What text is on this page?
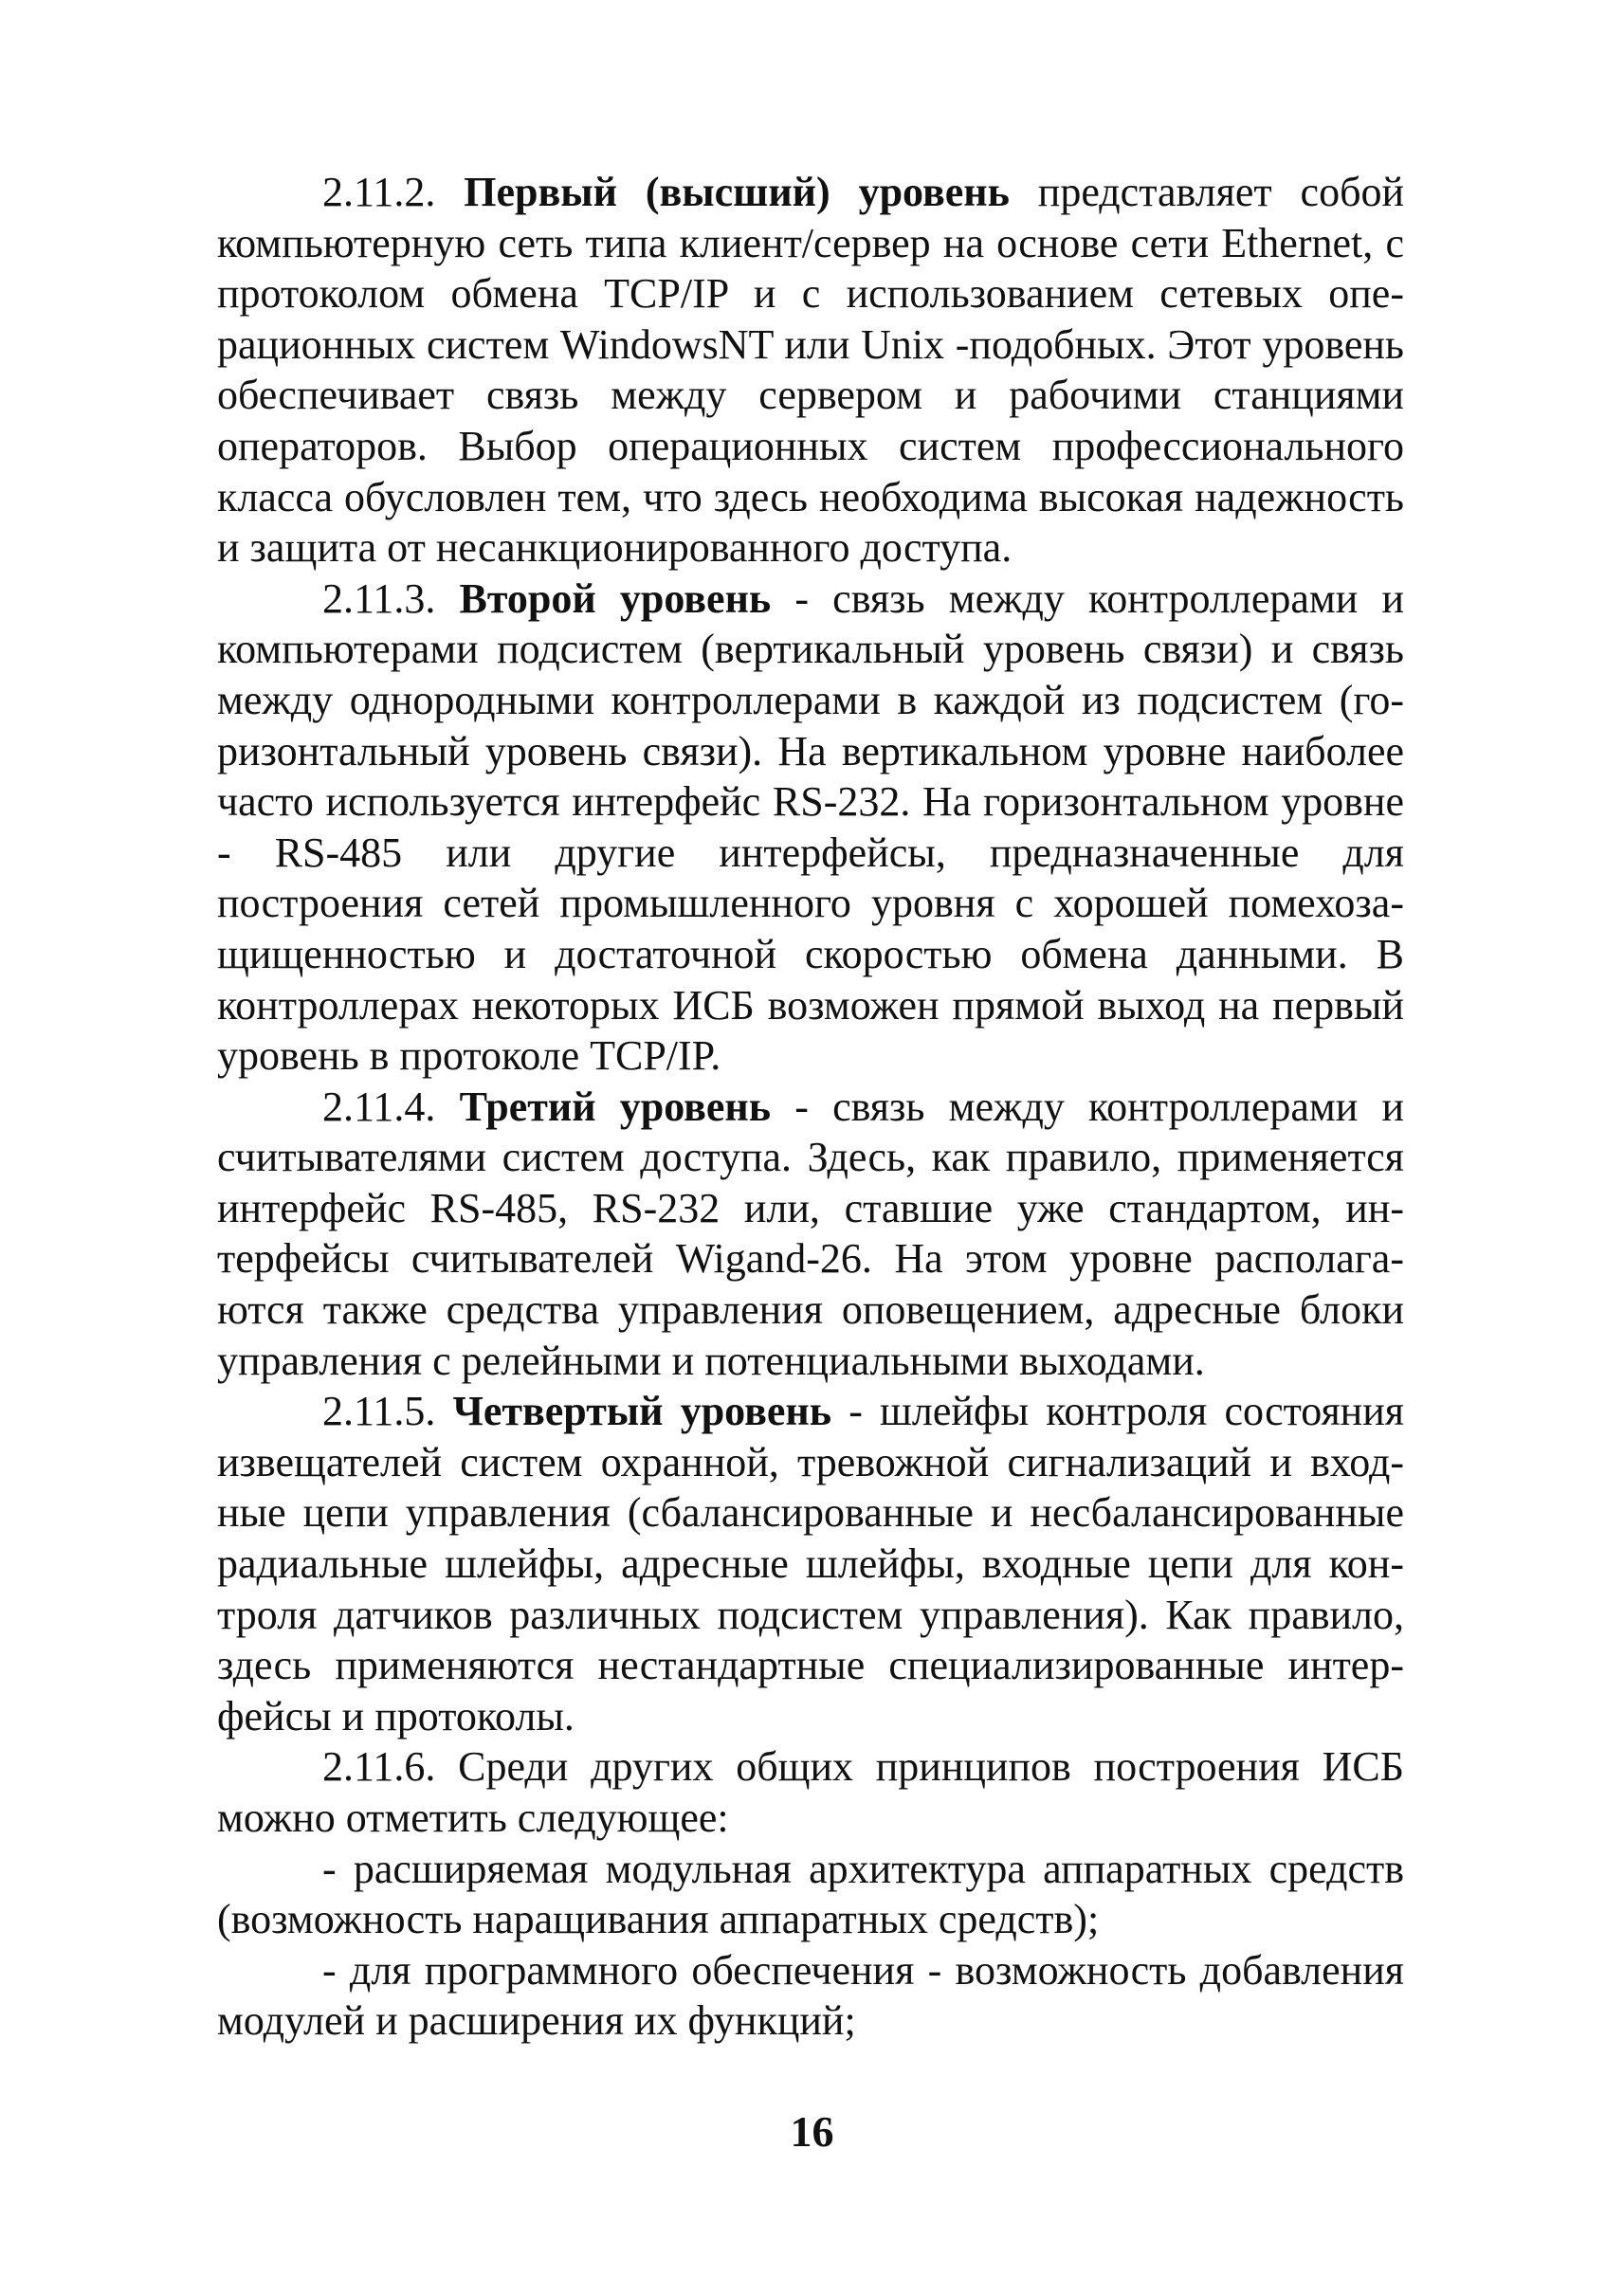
2.11.2. Первый (высший) уровень представляет собой компьютерную сеть типа клиент/сервер на основе сети Ethernet, с протоколом обмена TCP/IP и с использованием сетевых операционных систем WindowsNT или Unix -подобных. Этот уровень обеспечивает связь между сервером и рабочими станциями операторов. Выбор операционных систем профессионального класса обусловлен тем, что здесь необходима высокая надежность и защита от несанкционированного доступа.

2.11.3. Второй уровень - связь между контроллерами и компьютерами подсистем (вертикальный уровень связи) и связь между однородными контроллерами в каждой из подсистем (горизонтальный уровень связи). На вертикальном уровне наиболее часто используется интерфейс RS-232. На горизонтальном уровне - RS-485 или другие интерфейсы, предназначенные для построения сетей промышленного уровня с хорошей помехозащищенностью и достаточной скоростью обмена данными. В контроллерах некоторых ИСБ возможен прямой выход на первый уровень в протоколе TCP/IP.

2.11.4. Третий уровень - связь между контроллерами и считывателями систем доступа. Здесь, как правило, применяется интерфейс RS-485, RS-232 или, ставшие уже стандартом, интерфейсы считывателей Wigand-26. На этом уровне располагаются также средства управления оповещением, адресные блоки управления с релейными и потенциальными выходами.

2.11.5. Четвертый уровень - шлейфы контроля состояния извещателей систем охранной, тревожной сигнализаций и входные цепи управления (сбалансированные и несбалансированные радиальные шлейфы, адресные шлейфы, входные цепи для контроля датчиков различных подсистем управления). Как правило, здесь применяются нестандартные специализированные интерфейсы и протоколы.

2.11.6. Среди других общих принципов построения ИСБ можно отметить следующее:

- расширяемая модульная архитектура аппаратных средств (возможность наращивания аппаратных средств);

- для программного обеспечения - возможность добавления модулей и расширения их функций;

16
